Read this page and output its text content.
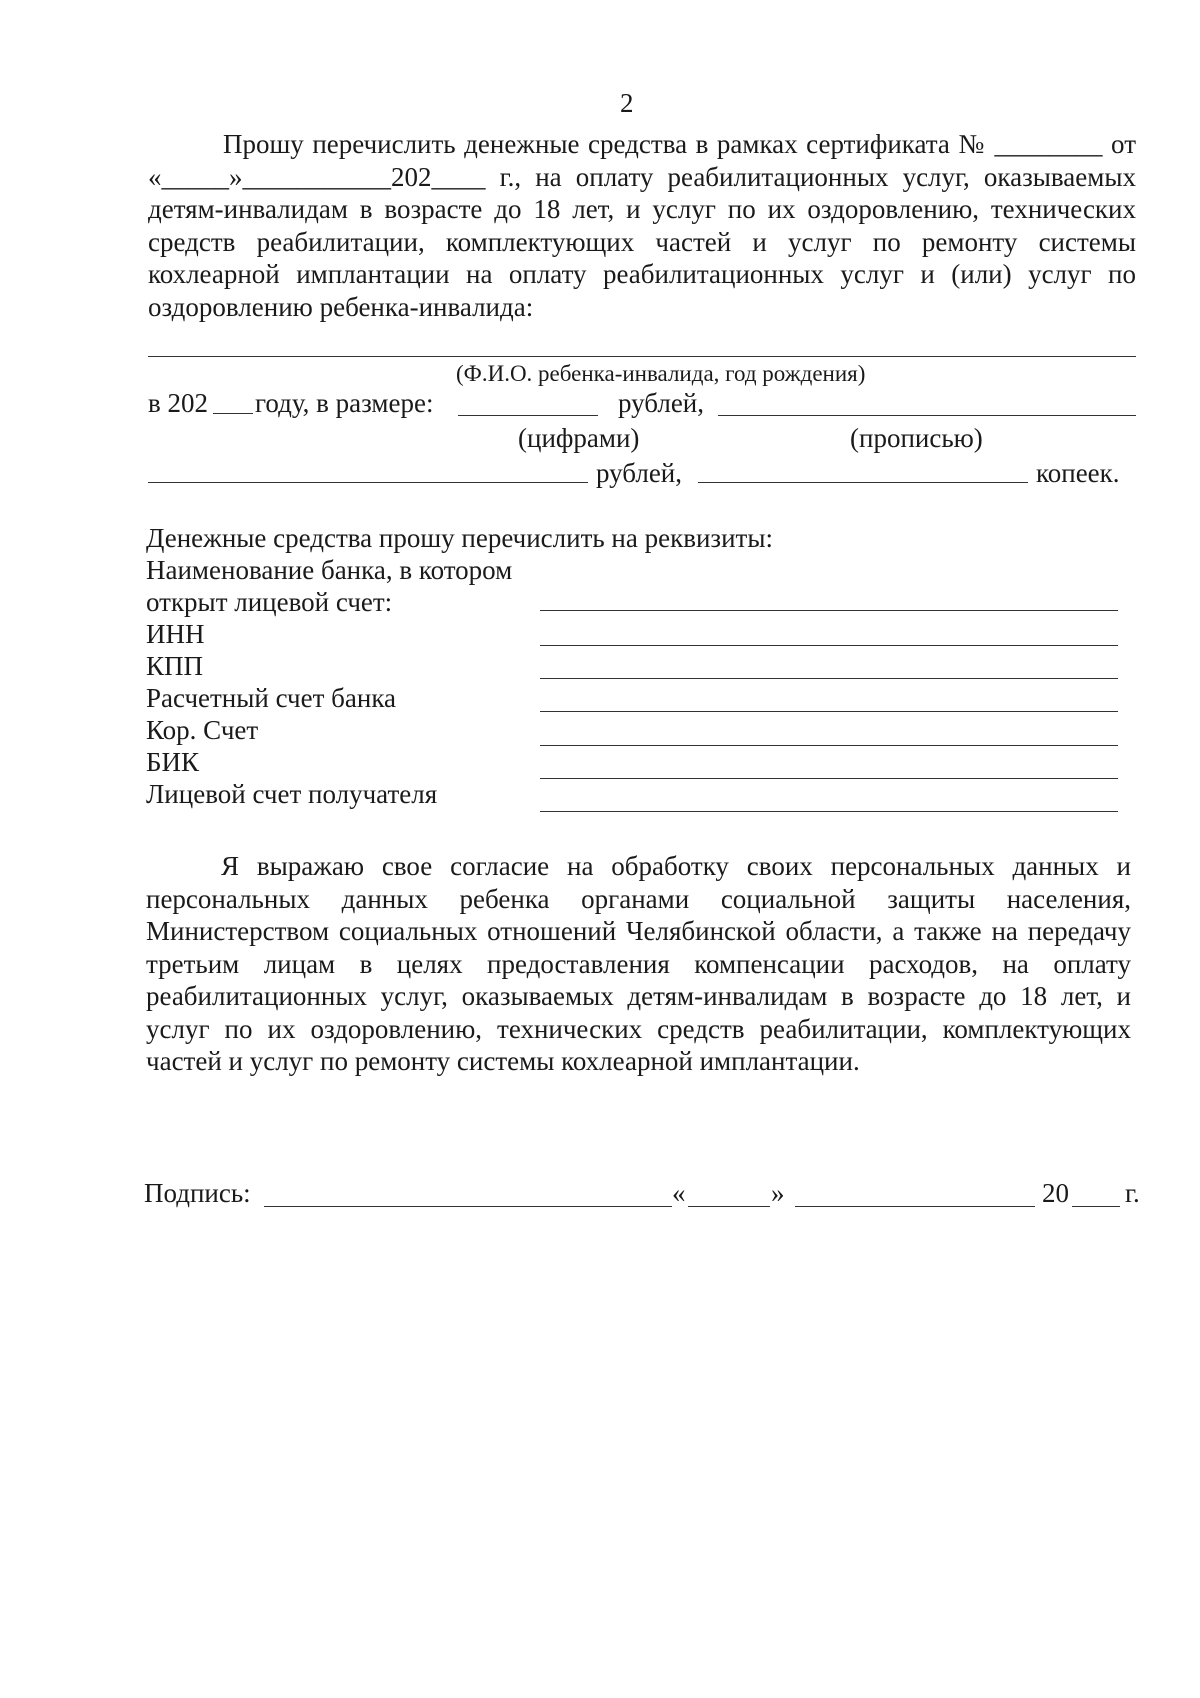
2
Прошу перечислить денежные средства в рамках сертификата № ________ от «_____»___________202____ г., на оплату реабилитационных услуг, оказываемых детям-инвалидам в возрасте до 18 лет, и услуг по их оздоровлению, технических средств реабилитации, комплектующих частей и услуг по ремонту системы кохлеарной имплантации на оплату реабилитационных услуг и (или) услуг по оздоровлению ребенка-инвалида:
(Ф.И.О. ребенка-инвалида, год рождения)
в 202 году, в размере:	рублей,
(цифрами)	(прописью)
рублей,	копеек.
Денежные средства прошу перечислить на реквизиты:
Наименование банка, в котором
открыт лицевой счет:
ИНН
КПП
Расчетный счет банка
Кор. Счет
БИК
Лицевой счет получателя
Я выражаю свое согласие на обработку своих персональных данных и персональных данных ребенка органами социальной защиты населения, Министерством социальных отношений Челябинской области, а также на передачу третьим лицам в целях предоставления компенсации расходов, на оплату реабилитационных услуг, оказываемых детям-инвалидам в возрасте до 18 лет, и услуг по их оздоровлению, технических средств реабилитации, комплектующих частей и услуг по ремонту системы кохлеарной имплантации.
Подпись:	«	»	20 г.
